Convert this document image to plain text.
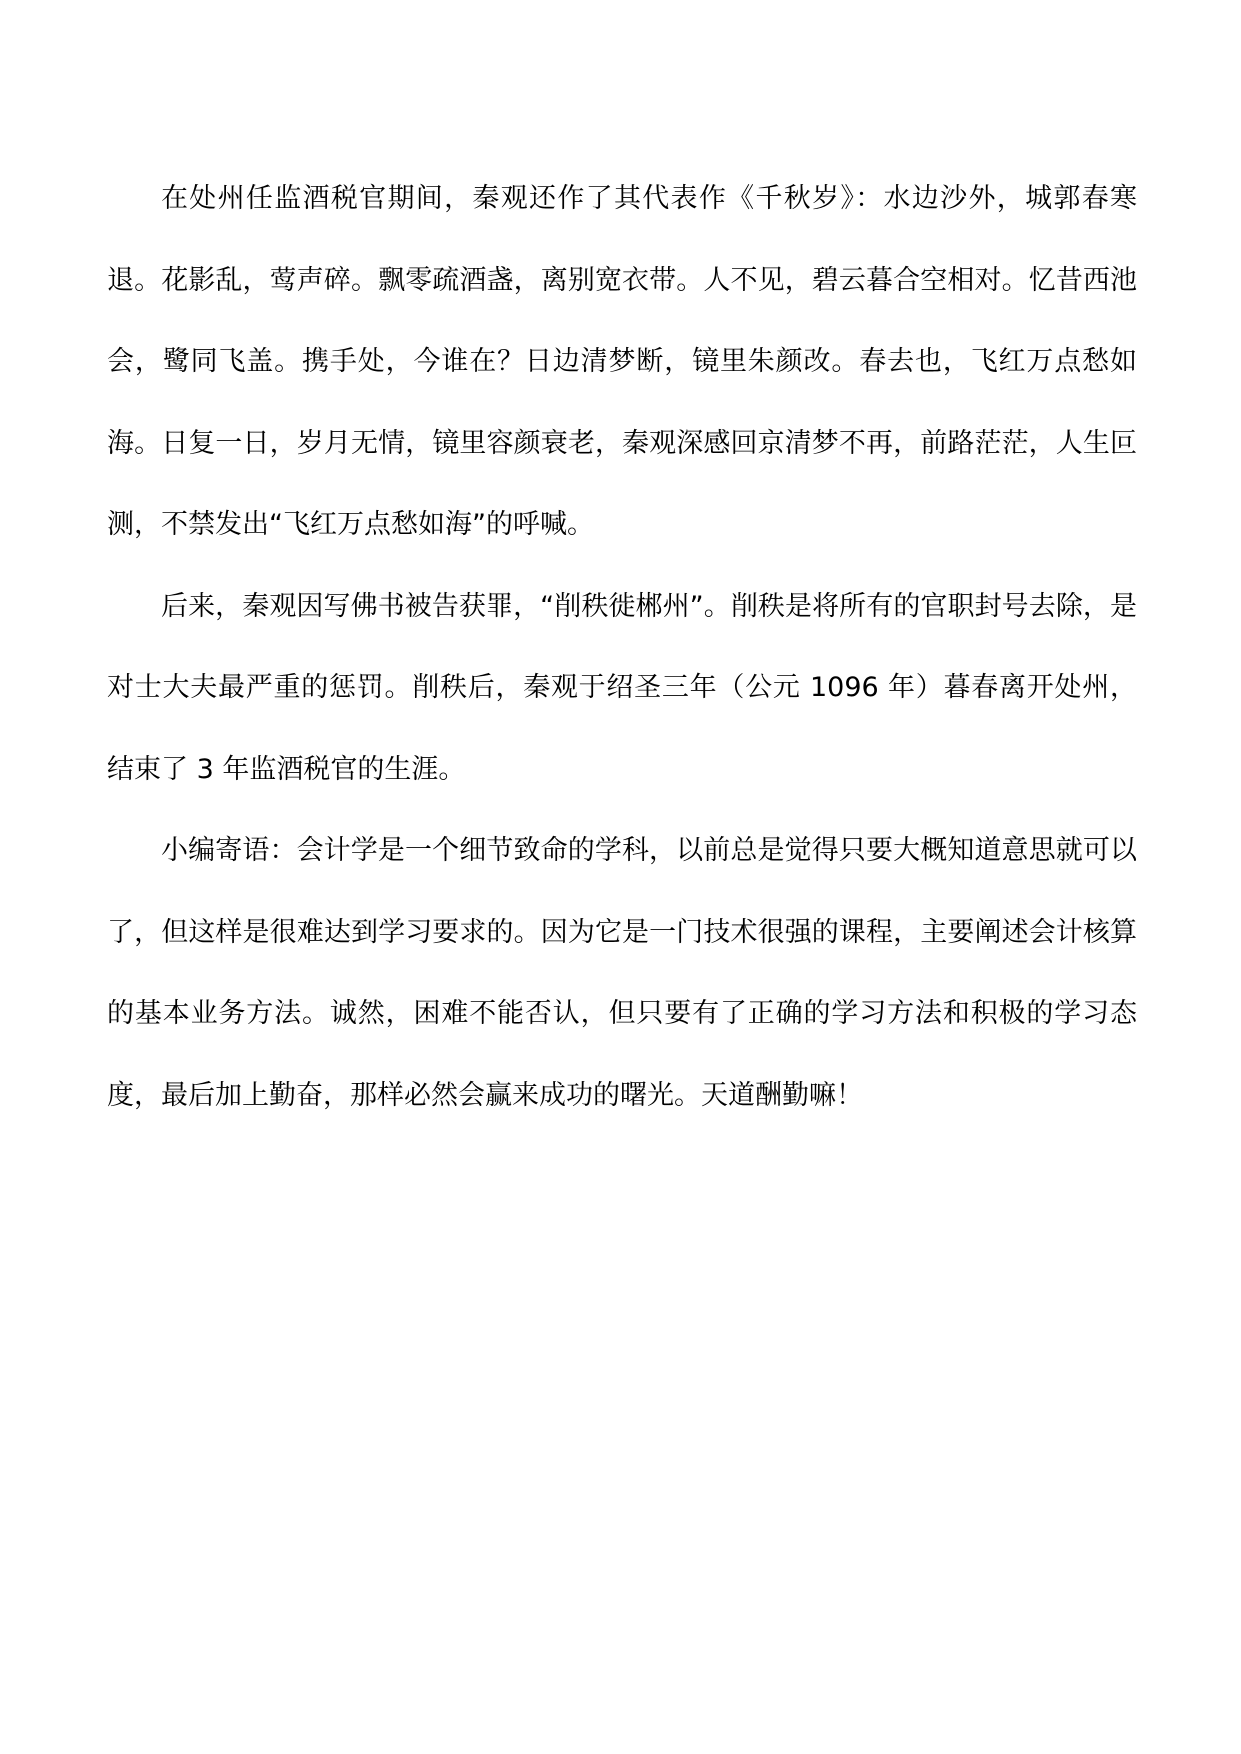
在处州任监酒税官期间，秦观还作了其代表作《千秋岁》：水边沙外，城郭春寒退。花影乱，莺声碎。飘零疏酒盏，离别宽衣带。人不见，碧云暮合空相对。忆昔西池会，鹭同飞盖。携手处，今谁在？日边清梦断，镜里朱颜改。春去也，飞红万点愁如海。日复一日，岁月无情，镜里容颜衰老，秦观深感回京清梦不再，前路茫茫，人生叵测，不禁发出“飞红万点愁如海”的呼喊。

后来，秦观因写佛书被告获罪，“削秩徙郴州”。削秩是将所有的官职封号去除，是对士大夫最严重的惩罚。削秩后，秦观于绍圣三年（公元 1096 年）暮春离开处州，结束了 3 年监酒税官的生涯。

小编寄语：会计学是一个细节致命的学科，以前总是觉得只要大概知道意思就可以了，但这样是很难达到学习要求的。因为它是一门技术很强的课程，主要阐述会计核算的基本业务方法。诚然，困难不能否认，但只要有了正确的学习方法和积极的学习态度，最后加上勤奋，那样必然会赢来成功的曙光。天道酬勤嘛！
